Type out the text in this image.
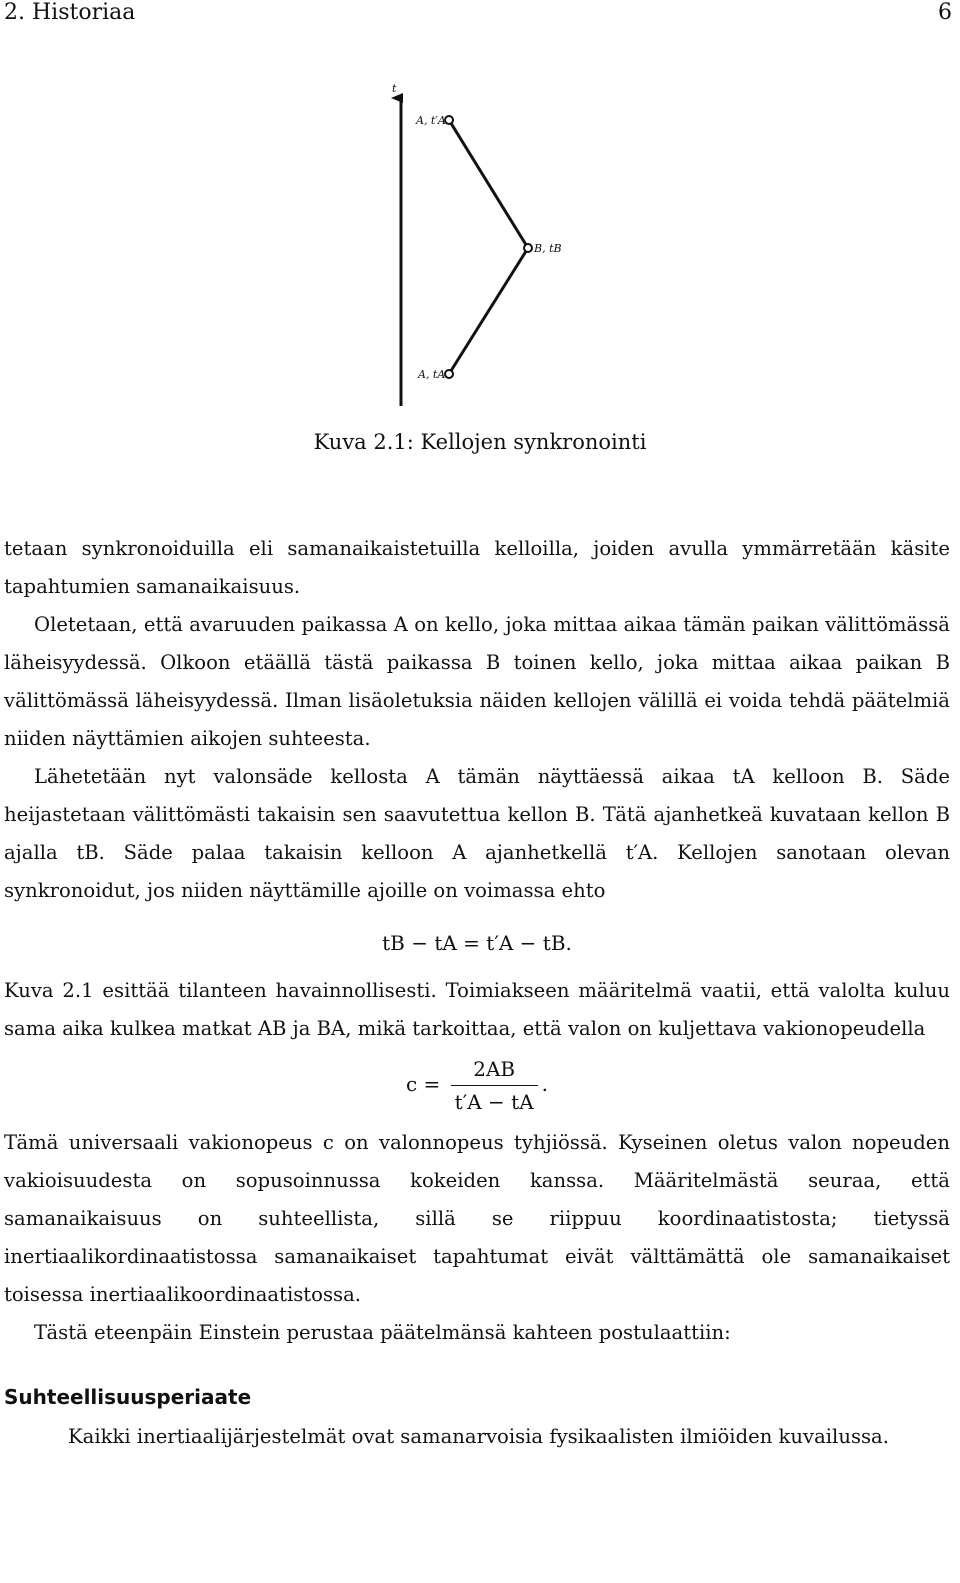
2. Historiaa	6
t
A, t′A
B, tB
A, tA
Kuva 2.1: Kellojen synkronointi

tetaan synkronoiduilla eli samanaikaistetuilla kelloilla, joiden avulla ymmärretään käsite tapahtumien samanaikaisuus.

Oletetaan, että avaruuden paikassa A on kello, joka mittaa aikaa tämän paikan välittömässä läheisyydessä. Olkoon etäällä tästä paikassa B toinen kello, joka mittaa aikaa paikan B välittömässä läheisyydessä. Ilman lisäoletuksia näiden kellojen välillä ei voida tehdä päätelmiä niiden näyttämien aikojen suhteesta.

Lähetetään nyt valonsäde kellosta A tämän näyttäessä aikaa tA kelloon B. Säde heijastetaan välittömästi takaisin sen saavutettua kellon B. Tätä ajanhetkeä kuvataan kellon B ajalla tB. Säde palaa takaisin kelloon A ajanhetkellä t′A. Kellojen sanotaan olevan synkronoidut, jos niiden näyttämille ajoille on voimassa ehto

tB − tA = t′A − tB.

Kuva 2.1 esittää tilanteen havainnollisesti. Toimiakseen määritelmä vaatii, että valolta kuluu sama aika kulkea matkat AB ja BA, mikä tarkoittaa, että valon on kuljettava vakionopeudella

$c = \frac{2AB}{t'A - tA}$ .

Tämä universaali vakionopeus c on valonnopeus tyhjiössä. Kyseinen oletus valon nopeuden vakioisuudesta on sopusoinnussa kokeiden kanssa. Määritelmästä seuraa, että samanaikaisuus on suhteellista, sillä se riippuu koordinaatistosta; tietyssä inertiaalikordinaatistossa samanaikaiset tapahtumat eivät välttämättä ole samanaikaiset toisessa inertiaalikoordinaatistossa.

Tästä eteenpäin Einstein perustaa päätelmänsä kahteen postulaattiin:

Suhteellisuusperiaate

Kaikki inertiaalijärjestelmät ovat samanarvoisia fysikaalisten ilmiöiden kuvailussa.
